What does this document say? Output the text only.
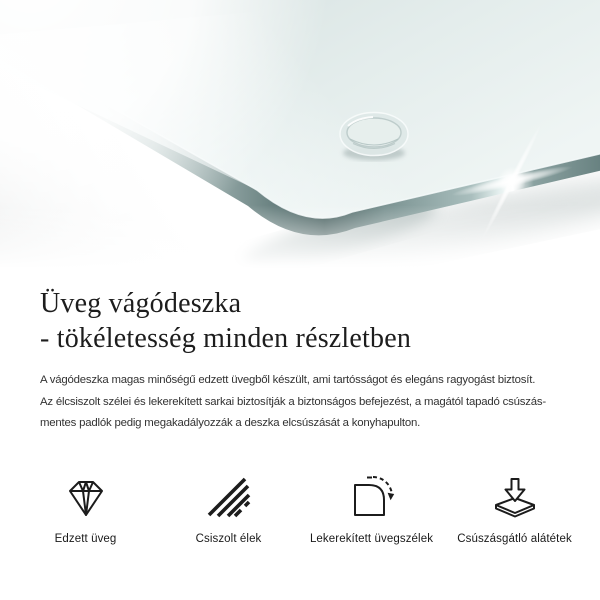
Üveg vágódeszka
- tökéletesség minden részletben
A vágódeszka magas minőségű edzett üvegből készült, ami tartósságot és elegáns ragyogást biztosít.
Az élcsiszolt szélei és lekerekített sarkai biztosítják a biztonságos befejezést, a magától tapadó csúszás-
mentes padlók pedig megakadályozzák a deszka elcsúszását a konyhapulton.
Edzett üveg	Csiszolt élek	Lekerekített üvegszélek Csúszásgátló alátétek
